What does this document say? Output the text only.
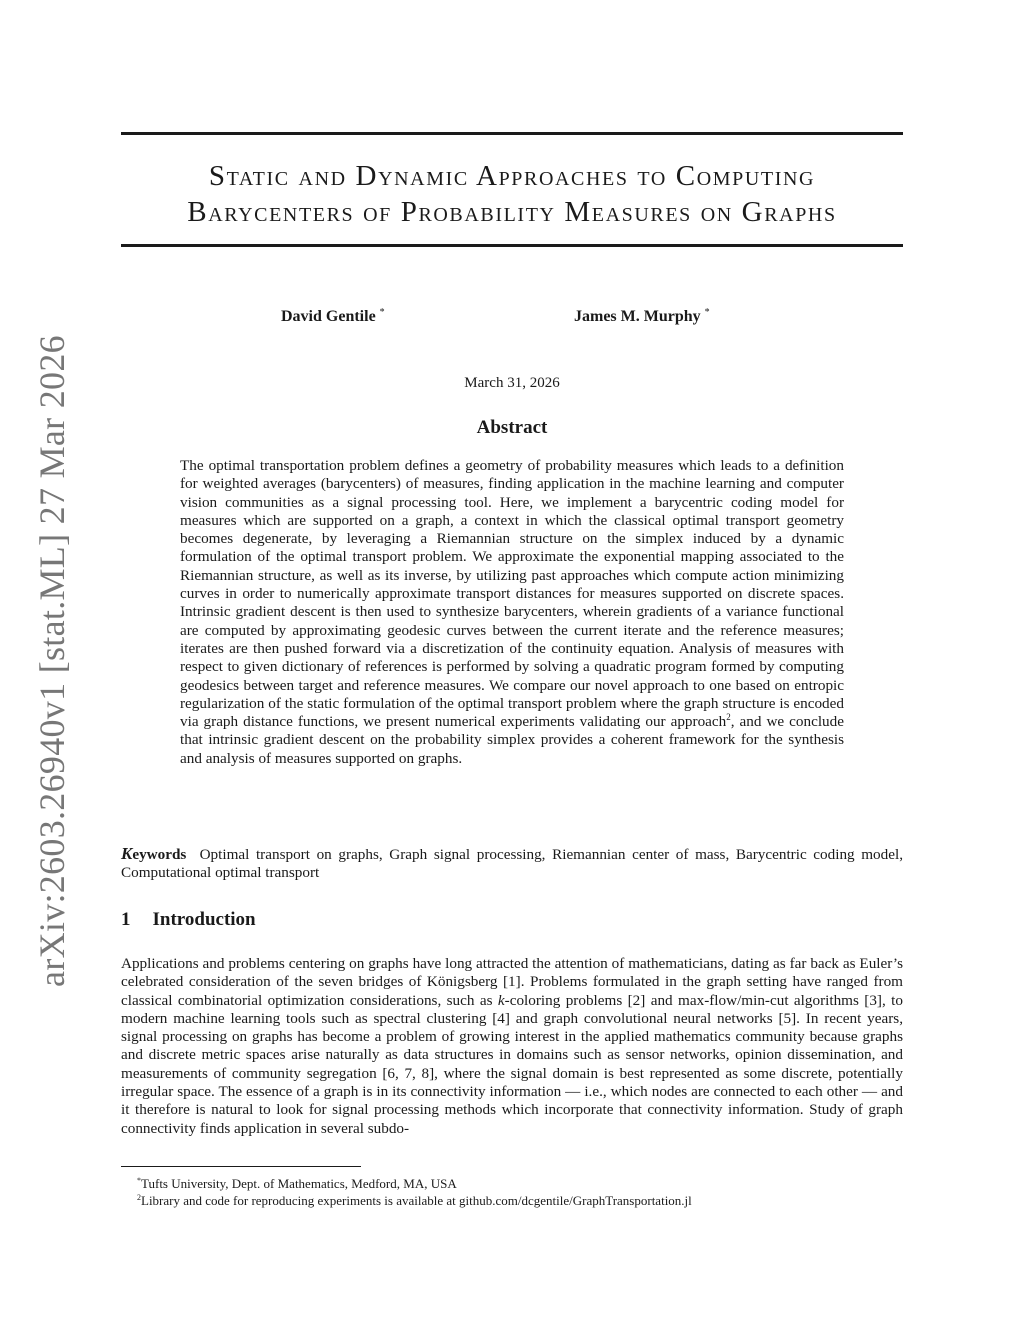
arXiv:2603.26940v1 [stat.ML] 27 Mar 2026
Static and Dynamic Approaches to Computing
Barycenters of Probability Measures on Graphs
David Gentile *	James M. Murphy *
March 31, 2026
Abstract
The optimal transportation problem defines a geometry of probability measures which leads to a definition for weighted averages (barycenters) of measures, finding application in the machine learning and computer vision communities as a signal processing tool. Here, we implement a barycentric coding model for measures which are supported on a graph, a context in which the classical optimal transport geometry becomes degenerate, by leveraging a Riemannian structure on the simplex induced by a dynamic formulation of the optimal transport problem. We approximate the exponential mapping associated to the Riemannian structure, as well as its inverse, by utilizing past approaches which compute action minimizing curves in order to numerically approximate transport distances for measures supported on discrete spaces. Intrinsic gradient descent is then used to synthesize barycenters, wherein gradients of a variance functional are computed by approximating geodesic curves between the current iterate and the reference measures; iterates are then pushed forward via a discretization of the continuity equation. Analysis of measures with respect to given dictionary of references is performed by solving a quadratic program formed by computing geodesics between target and reference measures. We compare our novel approach to one based on entropic regularization of the static formulation of the optimal transport problem where the graph structure is encoded via graph distance functions, we present numerical experiments validating our approach$^2$, and we conclude that intrinsic gradient descent on the probability simplex provides a coherent framework for the synthesis and analysis of measures supported on graphs.
Keywords Optimal transport on graphs, Graph signal processing, Riemannian center of mass, Barycentric coding model, Computational optimal transport
1 Introduction
Applications and problems centering on graphs have long attracted the attention of mathematicians, dating as far back as Euler’s celebrated consideration of the seven bridges of Königsberg [1]. Problems formulated in the graph setting have ranged from classical combinatorial optimization considerations, such as k-coloring problems [2] and max-flow/min-cut algorithms [3], to modern machine learning tools such as spectral clustering [4] and graph convolutional neural networks [5]. In recent years, signal processing on graphs has become a problem of growing interest in the applied mathematics community because graphs and discrete metric spaces arise naturally as data structures in domains such as sensor networks, opinion dissemination, and measurements of community segregation [6, 7, 8], where the signal domain is best represented as some discrete, potentially irregular space. The essence of a graph is in its connectivity information — i.e., which nodes are connected to each other — and it therefore is natural to look for signal processing methods which incorporate that connectivity information. Study of graph connectivity finds application in several subdo-
*Tufts University, Dept. of Mathematics, Medford, MA, USA
$^2$Library and code for reproducing experiments is available at github.com/dcgentile/GraphTransportation.jl
